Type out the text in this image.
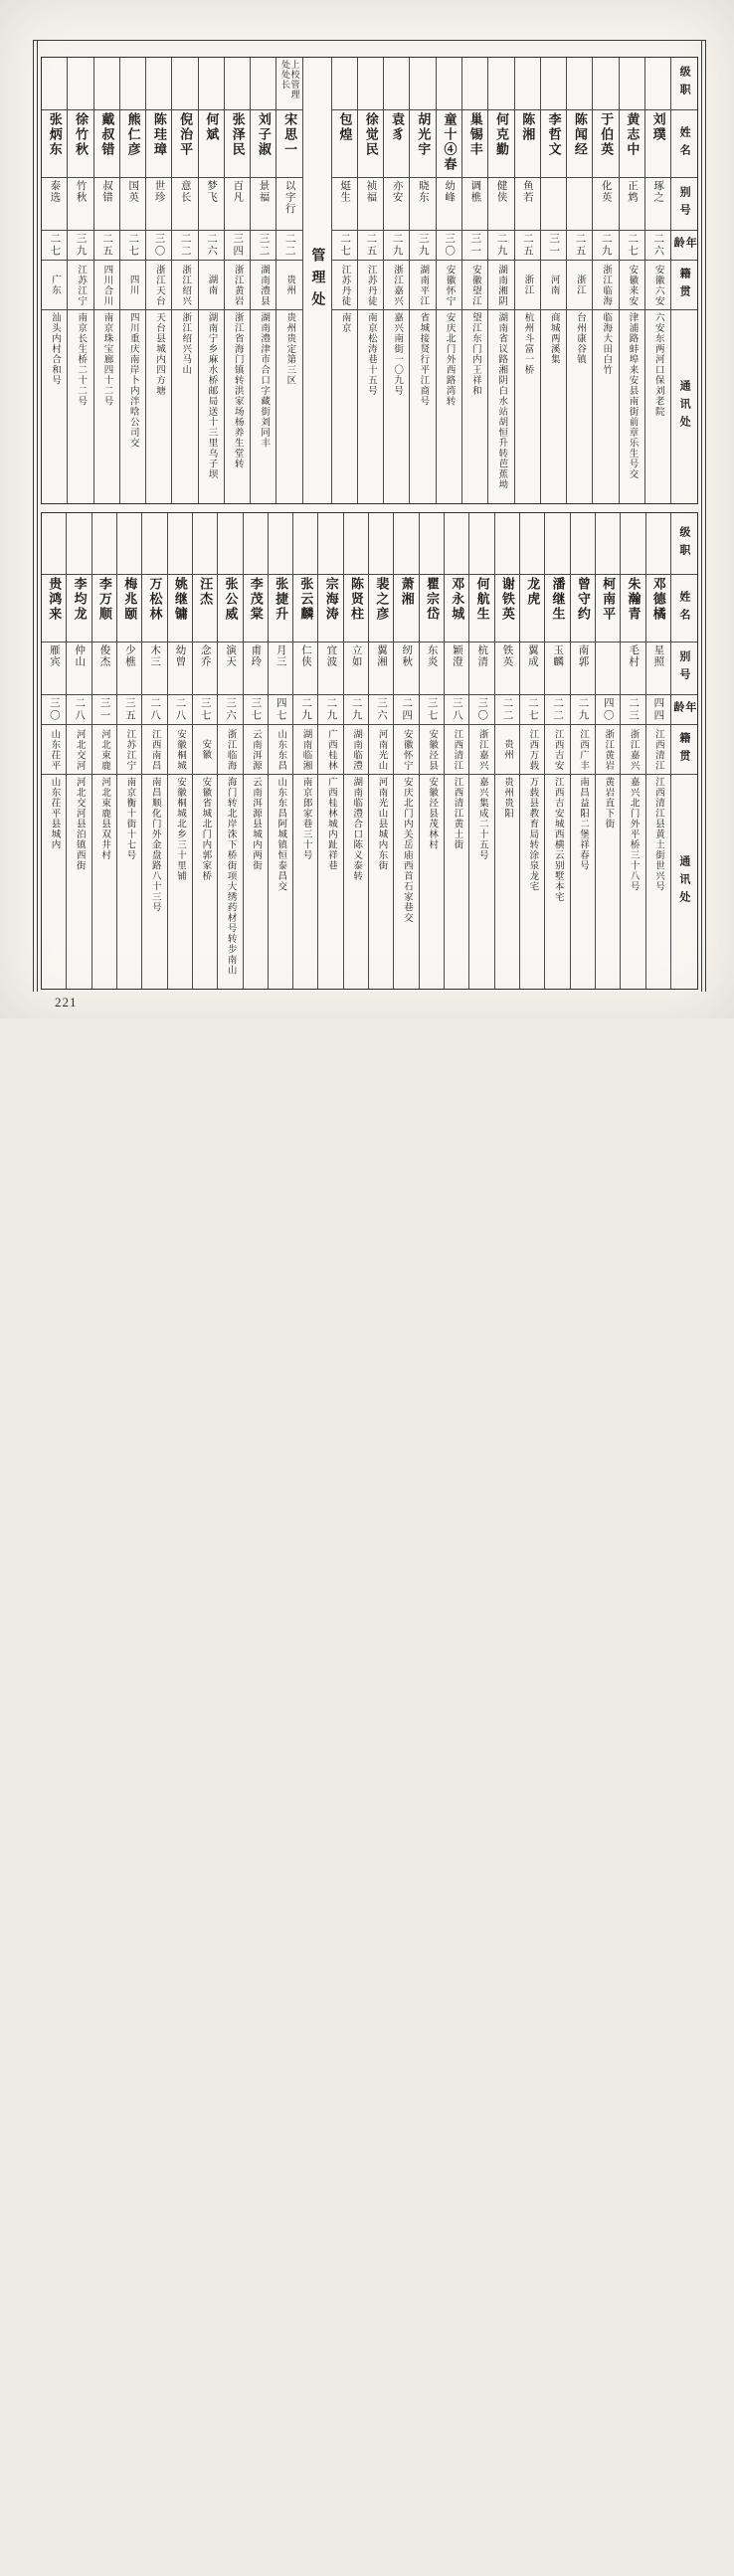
张炳东
泰选
二七
广东
汕头内村合和号
徐竹秋
竹秋
三九
江苏江宁
南京长生桥二十二号
戴叔错
叔错
二五
四川合川
南京珠宝廊四十二号
熊仁彦
国英
二七
四川
四川重庆南岸卜内泮唅公司交
陈珪璋
世珍
三〇
浙江天台
天台县城内四方塘
倪治平
意长
二二
浙江绍兴
浙江绍兴马山
何斌
梦飞
二六
湖南
湖南宁乡麻水桥邮局送十三里乌子坝
张泽民
百凡
三四
浙江黄岩
浙江省海门镇转洪家场杨养生堂转
刘子淑
景福
三二
湖南澧县
湖南澧津市合口字藏街刘同丰
上校管理处处长
宋思一
以字行
二二
贵州
贵州贵定第三区
管理处
包煌
烶生
二七
江苏丹徒
南京
徐觉民
祯福
二五
江苏丹徒
南京松涛巷十五号
袁豸
亦安
二九
浙江嘉兴
嘉兴南街一〇九号
胡光宇
晓东
三九
湖南平江
省城接贤行平江商号
童十④春
幼峰
三〇
安徽怀宁
安庆北门外西路湾转
巢锡丰
调樵
三一
安徽望江
望江东门内王祥和
何克勤
健侠
二九
湖南湘阴
湖南省议路湘阴白水站胡恒升转芭蕉坳
陈湘
鱼若
二五
浙江
杭州斗富一桥
李哲文
三一
河南
商城两溪集
陈闻经
二五
浙江
台州康谷镇
于伯英
化英
二九
浙江临海
临海大田白竹
黄志中
正鸩
二七
安徽来安
津浦路蚌埠来安县南街前章乐生号交
刘璞
琢之
二六
安徽六安
六安东两河口保刘老院
级职
姓名
别号
年龄
籍贯
通讯处
贵鸿来
雁宾
三〇
山东茌平
山东茌平县城内
李均龙
仲山
二八
河北交河
河北交河县泊镇西街
李万顺
俊杰
三一
河北束鹿
河北束鹿县双井村
梅兆颐
少樵
三五
江苏江宁
南京衡十街十七号
万松林
木三
二八
江西南昌
南昌顺化门外金盘路八十三号
姚继镛
幼曾
二八
安徽桐城
安徽桐城北乡三十里铺
汪杰
念乔
三七
安徽
安徽省城北门内郭家桥
张公威
演天
三六
浙江临海
海门转北岸洙下桥街项大绣药材号转步南山
李茂棠
甫玲
三七
云南洱源
云南洱源县城内两街
张捷升
月三
四七
山东东昌
山东东昌阿城镇恒泰昌交
张云麟
仁侠
二九
湖南临湘
南京郎家巷三十号
宗海涛
宜波
二九
广西桂林
广西桂林城内趾祥巷
陈贤柱
立如
二九
湖南临澧
湖南临澧合口陈义泰转
裴之彦
翼湘
三六
河南光山
河南光山县城内东街
萧湘
纫秋
二四
安徽怀宁
安庆北门内关岳庙西首石家巷交
瞿宗岱
东炎
三七
安徽泾县
安徽泾县茂林村
邓永城
颖澄
三八
江西清江
江西清江黄土街
何航生
杭清
三〇
浙江嘉兴
嘉兴集成二十五号
谢铁英
铁英
二二
贵州
贵州贵阳
龙虎
翼成
二七
江西万载
万载县教育局转涂泉龙宅
潘继生
玉麟
二二
江西吉安
江西吉安城西横云别墅本宅
曾守约
南郭
二九
江西广丰
南昌益阳二堡祥春号
柯南平
四〇
浙江黄岩
黄岩直下街
朱瀚青
毛村
二三
浙江嘉兴
嘉兴北门外平桥三十八号
邓德橘
星照
四四
江西清江
江西清江县黄土街世兴号
级职
姓名
别号
年龄
籍贯
通讯处
221
